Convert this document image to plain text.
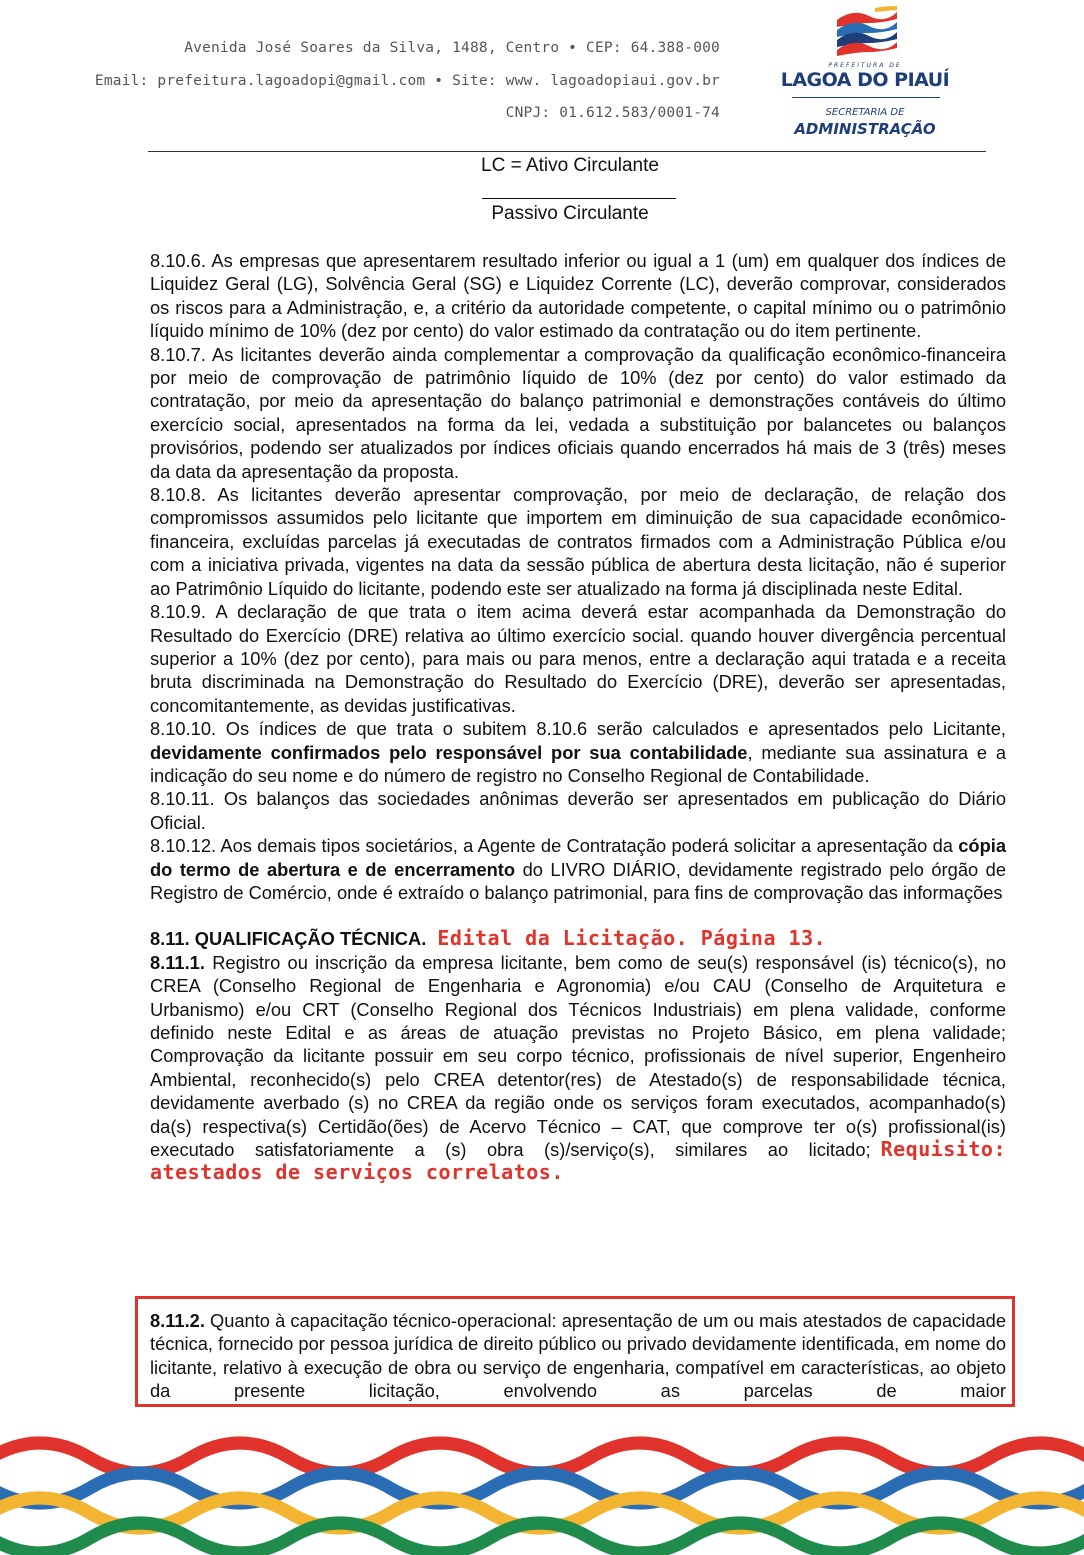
Avenida José Soares da Silva, 1488, Centro • CEP: 64.388-000
Email: prefeitura.lagoadopi@gmail.com • Site: www. lagoadopiaui.gov.br
CNPJ: 01.612.583/0001-74
PREFEITURA DE
LAGOA DO PIAUÍ
SECRETARIA DE
ADMINISTRAÇÃO
LC = Ativo Circulante
Passivo Circulante

8.10.6. As empresas que apresentarem resultado inferior ou igual a 1 (um) em qualquer dos índices de Liquidez Geral (LG), Solvência Geral (SG) e Liquidez Corrente (LC), deverão comprovar, considerados os riscos para a Administração, e, a critério da autoridade competente, o capital mínimo ou o patrimônio líquido mínimo de 10% (dez por cento) do valor estimado da contratação ou do item pertinente.

8.10.7. As licitantes deverão ainda complementar a comprovação da qualificação econômico-financeira por meio de comprovação de patrimônio líquido de 10% (dez por cento) do valor estimado da contratação, por meio da apresentação do balanço patrimonial e demonstrações contáveis do último exercício social, apresentados na forma da lei, vedada a substituição por balancetes ou balanços provisórios, podendo ser atualizados por índices oficiais quando encerrados há mais de 3 (três) meses da data da apresentação da proposta.

8.10.8. As licitantes deverão apresentar comprovação, por meio de declaração, de relação dos compromissos assumidos pelo licitante que importem em diminuição de sua capacidade econômico-financeira, excluídas parcelas já executadas de contratos firmados com a Administração Pública e/ou com a iniciativa privada, vigentes na data da sessão pública de abertura desta licitação, não é superior ao Patrimônio Líquido do licitante, podendo este ser atualizado na forma já disciplinada neste Edital.

8.10.9. A declaração de que trata o item acima deverá estar acompanhada da Demonstração do Resultado do Exercício (DRE) relativa ao último exercício social. quando houver divergência percentual superior a 10% (dez por cento), para mais ou para menos, entre a declaração aqui tratada e a receita bruta discriminada na Demonstração do Resultado do Exercício (DRE), deverão ser apresentadas, concomitantemente, as devidas justificativas.

8.10.10. Os índices de que trata o subitem 8.10.6 serão calculados e apresentados pelo Licitante, devidamente confirmados pelo responsável por sua contabilidade, mediante sua assinatura e a indicação do seu nome e do número de registro no Conselho Regional de Contabilidade.

8.10.11. Os balanços das sociedades anônimas deverão ser apresentados em publicação do Diário Oficial.

8.10.12. Aos demais tipos societários, a Agente de Contratação poderá solicitar a apresentação da cópia do termo de abertura e de encerramento do LIVRO DIÁRIO, devidamente registrado pelo órgão de Registro de Comércio, onde é extraído o balanço patrimonial, para fins de comprovação das informações

8.11. QUALIFICAÇÃO TÉCNICA. Edital da Licitação. Página 13.

8.11.1. Registro ou inscrição da empresa licitante, bem como de seu(s) responsável (is) técnico(s), no CREA (Conselho Regional de Engenharia e Agronomia) e/ou CAU (Conselho de Arquitetura e Urbanismo) e/ou CRT (Conselho Regional dos Técnicos Industriais) em plena validade, conforme definido neste Edital e as áreas de atuação previstas no Projeto Básico, em plena validade; Comprovação da licitante possuir em seu corpo técnico, profissionais de nível superior, Engenheiro Ambiental, reconhecido(s) pelo CREA detentor(res) de Atestado(s) de responsabilidade técnica, devidamente averbado (s) no CREA da região onde os serviços foram executados, acompanhado(s) da(s) respectiva(s) Certidão(ões) de Acervo Técnico – CAT, que comprove ter o(s) profissional(is) executado satisfatoriamente a (s) obra (s)/serviço(s), similares ao licitado; Requisito: atestados de serviços correlatos.

8.11.2. Quanto à capacitação técnico-operacional: apresentação de um ou mais atestados de capacidade técnica, fornecido por pessoa jurídica de direito público ou privado devidamente identificada, em nome do licitante, relativo à execução de obra ou serviço de engenharia, compatível em características, ao objeto da presente licitação, envolvendo as parcelas de maior
